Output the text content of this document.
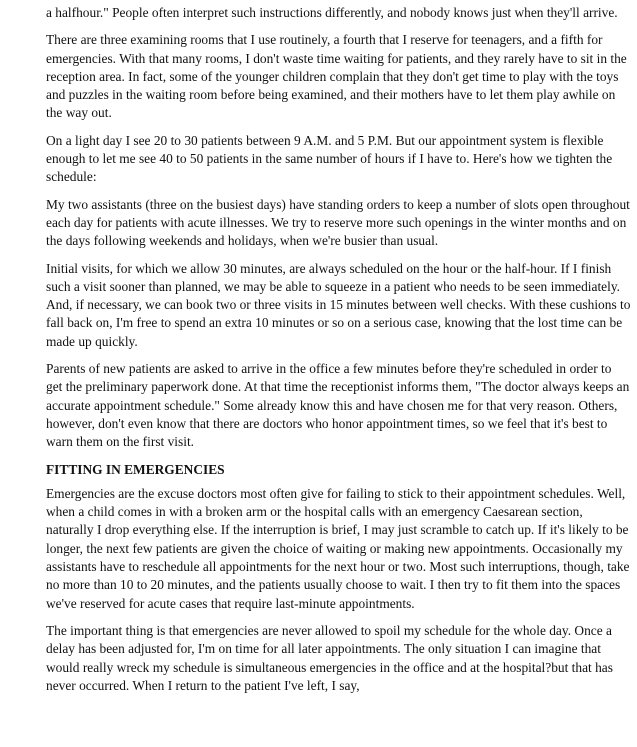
a halfhour." People often interpret such instructions differently, and nobody knows just when they'll arrive.

There are three examining rooms that I use routinely, a fourth that I reserve for teenagers, and a fifth for emergencies. With that many rooms, I don't waste time waiting for patients, and they rarely have to sit in the reception area. In fact, some of the younger children complain that they don't get time to play with the toys and puzzles in the waiting room before being examined, and their mothers have to let them play awhile on the way out.

On a light day I see 20 to 30 patients between 9 A.M. and 5 P.M. But our appointment system is flexible enough to let me see 40 to 50 patients in the same number of hours if I have to. Here's how we tighten the schedule:

My two assistants (three on the busiest days) have standing orders to keep a number of slots open throughout each day for patients with acute illnesses. We try to reserve more such openings in the winter months and on the days following weekends and holidays, when we're busier than usual.

Initial visits, for which we allow 30 minutes, are always scheduled on the hour or the half-hour. If I finish such a visit sooner than planned, we may be able to squeeze in a patient who needs to be seen immediately. And, if necessary, we can book two or three visits in 15 minutes between well checks. With these cushions to fall back on, I'm free to spend an extra 10 minutes or so on a serious case, knowing that the lost time can be made up quickly.

Parents of new patients are asked to arrive in the office a few minutes before they're scheduled in order to get the preliminary paperwork done. At that time the receptionist informs them, "The doctor always keeps an accurate appointment schedule." Some already know this and have chosen me for that very reason. Others, however, don't even know that there are doctors who honor appointment times, so we feel that it's best to warn them on the first visit.

FITTING IN EMERGENCIES

Emergencies are the excuse doctors most often give for failing to stick to their appointment schedules. Well, when a child comes in with a broken arm or the hospital calls with an emergency Caesarean section, naturally I drop everything else. If the interruption is brief, I may just scramble to catch up. If it's likely to be longer, the next few patients are given the choice of waiting or making new appointments. Occasionally my assistants have to reschedule all appointments for the next hour or two. Most such interruptions, though, take no more than 10 to 20 minutes, and the patients usually choose to wait. I then try to fit them into the spaces we've reserved for acute cases that require last-minute appointments.

The important thing is that emergencies are never allowed to spoil my schedule for the whole day. Once a delay has been adjusted for, I'm on time for all later appointments. The only situation I can imagine that would really wreck my schedule is simultaneous emergencies in the office and at the hospital?but that has never occurred. When I return to the patient I've left, I say,
